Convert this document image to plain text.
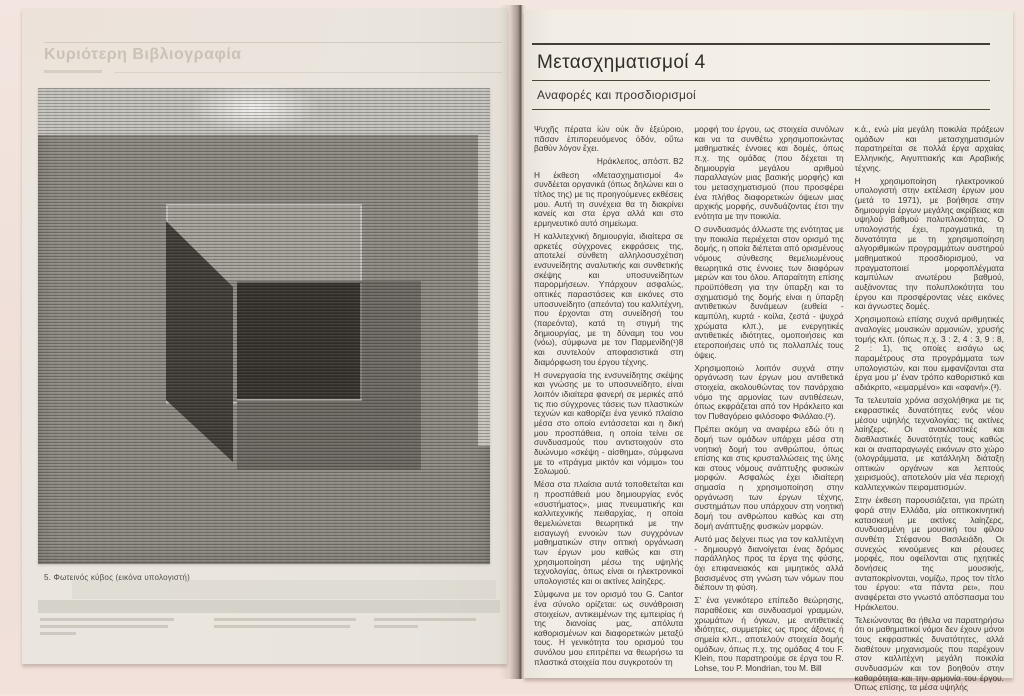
Κυριότερη Βιβλιογραφία
5. Φωτεινός κύβος (εικόνα υπολογιστή)
Μετασχηματισμοί 4
Αναφορές και προσδιορισμοί

Ψυχῆς πέρατα ἰών οὐκ ἄν ἐξεύροιο, πᾶσαν ἐπιπορευόμενος ὁδόν, οὕτω βαθὺν λόγον ἔχει.

Ηράκλειτος, απόσπ. Β2

Η έκθεση «Μετασχηματισμοί 4» συνδέεται οργανικά (όπως δηλώνει και ο τίτλος της) με τις προηγούμενες εκθέσεις μου. Αυτή τη συνέχεια θα τη διακρίνει κανείς και στα έργα αλλά και στο ερμηνευτικό αυτό σημείωμα.

Η καλλιτεχνική δημιουργία, ιδιαίτερα σε αρκετές σύγχρονες εκφράσεις της, αποτελεί σύνθετη αλληλοσυσχέτιση ενσυνείδητης αναλυτικής και συνθετικής σκέψης και υποσυνείδητων παρορμήσεων. Υπάρχουν ασφαλώς, οπτικές παραστάσεις και εικόνες στο υποσυνείδητο (απεόντα) του καλλιτέχνη, που έρχονται στη συνείδησή του (παρεόντα), κατά τη στιγμή της δημιουργίας, με τη δύναμη του νου (νόω), σύμφωνα με τον Παρμενίδη(¹)8 και συντελούν αποφασιστικά στη διαμόρφωση του έργου τέχνης.

Η συνεργασία της ενσυνείδητης σκέψης και γνώσης με το υποσυνείδητο, είναι λοιπόν ιδιαίτερα φανερή σε μερικές από τις πιο σύγχρονες τάσεις των πλαστικών τεχνών και καθορίζει ένα γενικό πλαίσιο μέσα στο οποίο εντάσσεται και η δική μου προσπάθεια, η οποία τείνει σε συνδυασμούς που αντιστοιχούν στο δυώνυμο «σκέψη - αίσθημα», σύμφωνα με το «πράγμα μικτόν και νόμιμο» του Σολωμού.

Μέσα στα πλαίσια αυτά τοποθετείται και η προσπάθειά μου δημιουργίας ενός «συστήματος», μιας πνευματικής και καλλιτεχνικής πειθαρχίας, η οποία θεμελιώνεται θεωρητικά με την εισαγωγή εννοιών των συγχρόνων μαθηματικών στην οπτική οργάνωση των έργων μου καθώς και στη χρησιμοποίηση μέσω της υψηλής τεχνολογίας, όπως είναι οι ηλεκτρονικοί υπολογιστές και οι ακτίνες λαίηζερς.

Σύμφωνα με τον ορισμό του G. Cantor ένα σύνολο ορίζεται: ως συνάθροιση στοιχείων, αντικειμένων της εμπειρίας ή της διανοίας μας, απόλυτα καθορισμένων και διαφορετικών μεταξύ τους. Η γενικότητα του ορισμού του συνόλου μου επιτρέπει να θεωρήσω τα πλαστικά στοιχεία που συγκροτούν τη

μορφή του έργου, ως στοιχεία συνόλων και να τα συνθέτω χρησιμοποιώντας μαθηματικές έννοιες και δομές, όπως π.χ. της ομάδας (που δέχεται τη δημιουργία μεγάλου αριθμού παραλλαγών μιας βασικής μορφής) και του μετασχηματισμού (που προσφέρει ένα πλήθος διαφορετικών όψεων μιας αρχικής μορφής, συνδυάζοντας έτσι την ενότητα με την ποικιλία.

Ο συνδυασμός άλλωστε της ενότητας με την ποικιλία περιέχεται στον ορισμό της δομής, η οποία διέπεται από ορισμένους νόμους σύνθεσης θεμελιωμένους θεωρητικά στις έννοιες των διαφόρων μερών και του όλου. Απαραίτητη επίσης προϋπόθεση για την ύπαρξη και το σχηματισμό της δομής είναι η ύπαρξη αντιθετικών δυνάμεων (ευθεία - καμπύλη, κυρτά - κοίλα, ζεστά - ψυχρά χρώματα κλπ.), με ενεργητικές αντιθετικές ιδιότητες, ομοποιήσεις και ετεροποιήσεις υπό τις πολλαπλές τους όψεις.

Χρησιμοποιώ λοιπόν συχνά στην οργάνωση των έργων μου αντιθετικά στοιχεία, ακολουθώντας τον πανάρχαιο νόμο της αρμονίας των αντιθέσεων, όπως εκφράζεται από τον Ηράκλειτο και τον Πυθαγόρειο φιλόσοφο Φιλόλαο.(²).

Πρέπει ακόμη να αναφέρω εδώ ότι η δομή των ομάδων υπάρχει μέσα στη νοητική δομή του ανθρώπου, όπως επίσης και στις κρυσταλλώσεις της ύλης και στους νόμους ανάπτυξης φυσικών μορφών. Ασφαλώς έχει ιδιαίτερη σημασία η χρησιμοποίηση στην οργάνωση των έργων τέχνης, συστημάτων που υπάρχουν στη νοητική δομή του ανθρώπου καθώς και στη δομή ανάπτυξης φυσικών μορφών.

Αυτό μας δείχνει πως για τον καλλιτέχνη - δημιουργό διανοίγεται ένας δρόμος παράλληλος προς τα έργα της φύσης, όχι επιφανειακός και μιμητικός αλλά βασισμένος στη γνώση των νόμων που διέπουν τη φύση.

Σ' ένα γενικότερο επίπεδο θεώρησης, παραθέσεις και συνδυασμοί γραμμών, χρωμάτων ή όγκων, με αντιθετικές ιδιότητες, συμμετρίες ως προς άξονες ή σημεία κλπ., αποτελούν στοιχεία δομής ομάδων, όπως π.χ. της ομάδας 4 του F. Klein, που παρατηρούμε σε έργα του R. Lohse, του P. Mondrian, του M. Bill

κ.ά., ενώ μία μεγάλη ποικιλία πράξεων ομάδων και μετασχηματισμών παρατηρείται σε πολλά έργα αρχαίας Ελληνικής, Αιγυπτιακής και Αραβικής τέχνης.

Η χρησιμοποίηση ηλεκτρονικού υπολογιστή στην εκτέλεση έργων μου (μετά το 1971), με βοήθησε στην δημιουργία έργων μεγάλης ακρίβειας και υψηλού βαθμού πολυπλοκότητας. Ο υπολογιστής έχει, πραγματικά, τη δυνατότητα με τη χρησιμοποίηση αλγοριθμικών προγραμμάτων αυστηρού μαθηματικού προσδιορισμού, να πραγματοποιεί μορφοπλέγματα καμπύλων ανωτέρου βαθμού, αυξάνοντας την πολυπλοκότητα του έργου και προσφέροντας νέες εικόνες και άγνωστες δομές.

Χρησιμοποιώ επίσης συχνά αριθμητικές αναλογίες μουσικών αρμονιών, χρυσής τομής κλπ. (όπως π.χ. 3 : 2, 4 : 3, 9 : 8, 2 : 1), τις οποίες εισάγω ως παραμέτρους στα προγράμματα των υπολογιστών, και που εμφανίζονται στα έργα μου μ' έναν τρόπο καθοριστικό και αδιάκριτο, «ειμαρμένο» και «αφανή».(³).

Τα τελευταία χρόνια ασχολήθηκα με τις εκφραστικές δυνατότητες ενός νέου μέσου υψηλής τεχνολογίας: τις ακτίνες λαίηζερς. Οι ανακλαστικές και διαθλαστικές δυνατότητές τους καθώς και οι αναπαραγωγές εικόνων στο χώρο (ολογράμματα, με κατάλληλη διάταξη οπτικών οργάνων και λεπτούς χειρισμούς), αποτελούν μία νέα περιοχή καλλιτεχνικών πειραματισμών.

Στην έκθεση παρουσιάζεται, για πρώτη φορά στην Ελλάδα, μία οπτικοκινητική κατασκευή με ακτίνες λαίηζερς, συνδυασμένη με μουσική του φίλου συνθέτη Στέφανου Βασιλειάδη. Οι συνεχώς κινούμενες και ρέουσες μορφές, που οφείλονται στις ηχητικές δονήσεις της μουσικής, ανταποκρίνονται, νομίζω, προς τον τίτλο του έργου: «τα πάντα ρει», που αναφέρεται στο γνωστό απόσπασμα του Ηράκλειτου.

Τελειώνοντας θα ήθελα να παρατηρήσω ότι οι μαθηματικοί νόμοι δεν έχουν μόνοι τους εκφραστικές δυνατότητες, αλλά διαθέτουν μηχανισμούς που παρέχουν στον καλλιτέχνη μεγάλη ποικιλία συνδυασμών και τον βοηθούν στην καθαρότητα και την αρμονία του έργου. Όπως επίσης, τα μέσα υψηλής
